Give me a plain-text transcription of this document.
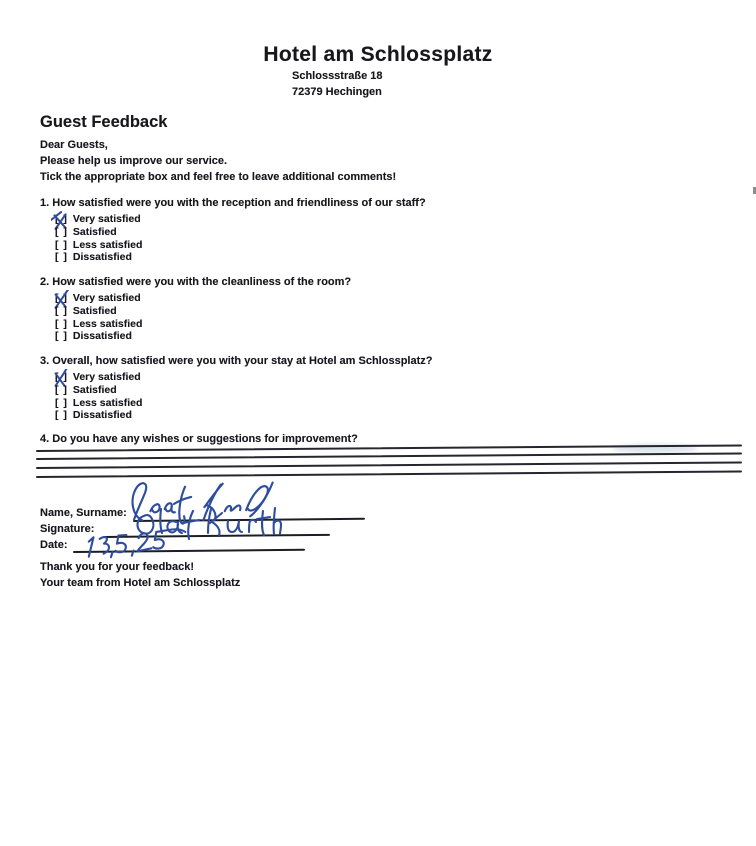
Hotel am Schlossplatz
Schlossstraße 18
72379 Hechingen
Guest Feedback
Dear Guests,
Please help us improve our service.
Tick the appropriate box and feel free to leave additional comments!
1. How satisfied were you with the reception and friendliness of our staff?
[ ] Very satisfied
[ ] Satisfied
[ ] Less satisfied
[ ] Dissatisfied
2. How satisfied were you with the cleanliness of the room?
[ ] Very satisfied
[ ] Satisfied
[ ] Less satisfied
[ ] Dissatisfied
3. Overall, how satisfied were you with your stay at Hotel am Schlossplatz?
[ ] Very satisfied
[ ] Satisfied
[ ] Less satisfied
[ ] Dissatisfied
4. Do you have any wishes or suggestions for improvement?
Name, Surname:
Signature:
Date:
Thank you for your feedback!
Your team from Hotel am Schlossplatz
